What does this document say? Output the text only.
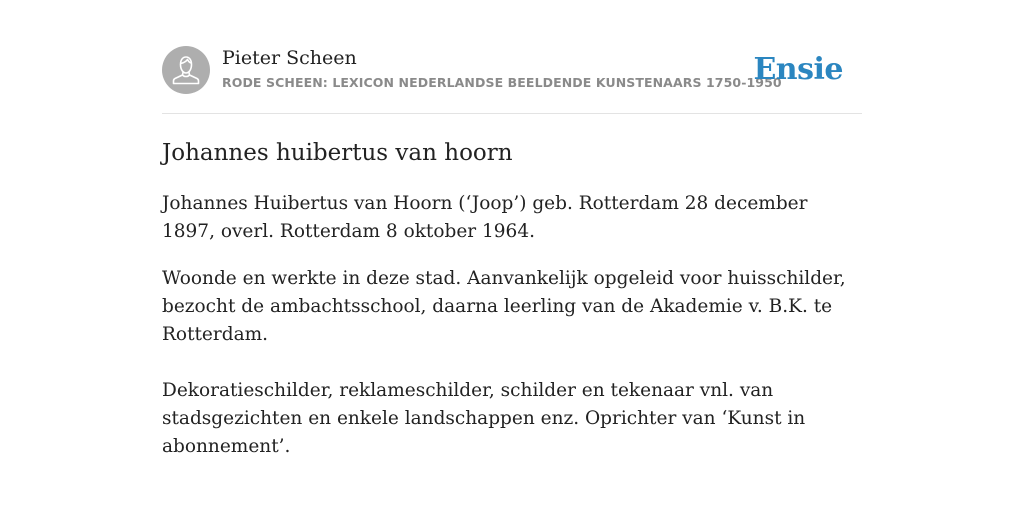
Pieter Scheen
RODE SCHEEN: LEXICON NEDERLANDSE BEELDENDE KUNSTENAARS 1750-1950
Ensie
Johannes huibertus van hoorn

Johannes Huibertus van Hoorn (‘Joop’) geb. Rotterdam 28 december 1897, overl. Rotterdam 8 oktober 1964.

Woonde en werkte in deze stad. Aanvankelijk opgeleid voor huisschilder, bezocht de ambachtsschool, daarna leerling van de Akademie v. B.K. te Rotterdam.

Dekoratieschilder, reklameschilder, schilder en tekenaar vnl. van stadsgezichten en enkele landschappen enz. Oprichter van ‘Kunst in abonnement’.
